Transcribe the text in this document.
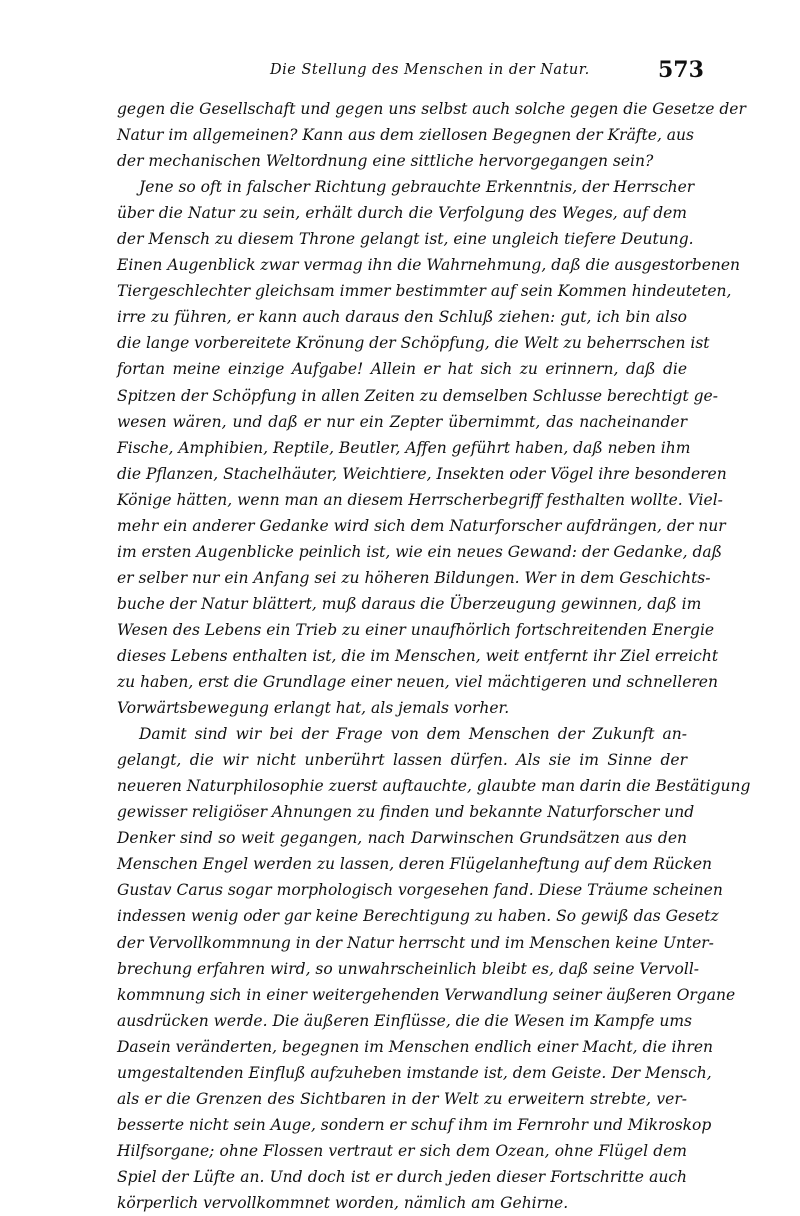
Die Stellung des Menschen in der Natur.	573
gegen die Gesellschaft und gegen uns selbst auch solche gegen die Gesetze der
Natur im allgemeinen? Kann aus dem ziellosen Begegnen der Kräfte, aus
der mechanischen Weltordnung eine sittliche hervorgegangen sein?
Jene so oft in falscher Richtung gebrauchte Erkenntnis, der Herrscher
über die Natur zu sein, erhält durch die Verfolgung des Weges, auf dem
der Mensch zu diesem Throne gelangt ist, eine ungleich tiefere Deutung.
Einen Augenblick zwar vermag ihn die Wahrnehmung, daß die ausgestorbenen
Tiergeschlechter gleichsam immer bestimmter auf sein Kommen hindeuteten,
irre zu führen, er kann auch daraus den Schluß ziehen: gut, ich bin also
die lange vorbereitete Krönung der Schöpfung, die Welt zu beherrschen ist
fortan meine einzige Aufgabe! Allein er hat sich zu erinnern, daß die
Spitzen der Schöpfung in allen Zeiten zu demselben Schlusse berechtigt ge-
wesen wären, und daß er nur ein Zepter übernimmt, das nacheinander
Fische, Amphibien, Reptile, Beutler, Affen geführt haben, daß neben ihm
die Pflanzen, Stachelhäuter, Weichtiere, Insekten oder Vögel ihre besonderen
Könige hätten, wenn man an diesem Herrscherbegriff festhalten wollte. Viel-
mehr ein anderer Gedanke wird sich dem Naturforscher aufdrängen, der nur
im ersten Augenblicke peinlich ist, wie ein neues Gewand: der Gedanke, daß
er selber nur ein Anfang sei zu höheren Bildungen. Wer in dem Geschichts-
buche der Natur blättert, muß daraus die Überzeugung gewinnen, daß im
Wesen des Lebens ein Trieb zu einer unaufhörlich fortschreitenden Energie
dieses Lebens enthalten ist, die im Menschen, weit entfernt ihr Ziel erreicht
zu haben, erst die Grundlage einer neuen, viel mächtigeren und schnelleren
Vorwärtsbewegung erlangt hat, als jemals vorher.
Damit sind wir bei der Frage von dem Menschen der Zukunft an-
gelangt, die wir nicht unberührt lassen dürfen. Als sie im Sinne der
neueren Naturphilosophie zuerst auftauchte, glaubte man darin die Bestätigung
gewisser religiöser Ahnungen zu finden und bekannte Naturforscher und
Denker sind so weit gegangen, nach Darwinschen Grundsätzen aus den
Menschen Engel werden zu lassen, deren Flügelanheftung auf dem Rücken
Gustav Carus sogar morphologisch vorgesehen fand. Diese Träume scheinen
indessen wenig oder gar keine Berechtigung zu haben. So gewiß das Gesetz
der Vervollkommnung in der Natur herrscht und im Menschen keine Unter-
brechung erfahren wird, so unwahrscheinlich bleibt es, daß seine Vervoll-
kommnung sich in einer weitergehenden Verwandlung seiner äußeren Organe
ausdrücken werde. Die äußeren Einflüsse, die die Wesen im Kampfe ums
Dasein veränderten, begegnen im Menschen endlich einer Macht, die ihren
umgestaltenden Einfluß aufzuheben imstande ist, dem Geiste. Der Mensch,
als er die Grenzen des Sichtbaren in der Welt zu erweitern strebte, ver-
besserte nicht sein Auge, sondern er schuf ihm im Fernrohr und Mikroskop
Hilfsorgane; ohne Flossen vertraut er sich dem Ozean, ohne Flügel dem
Spiel der Lüfte an. Und doch ist er durch jeden dieser Fortschritte auch
körperlich vervollkommnet worden, nämlich am Gehirne.
